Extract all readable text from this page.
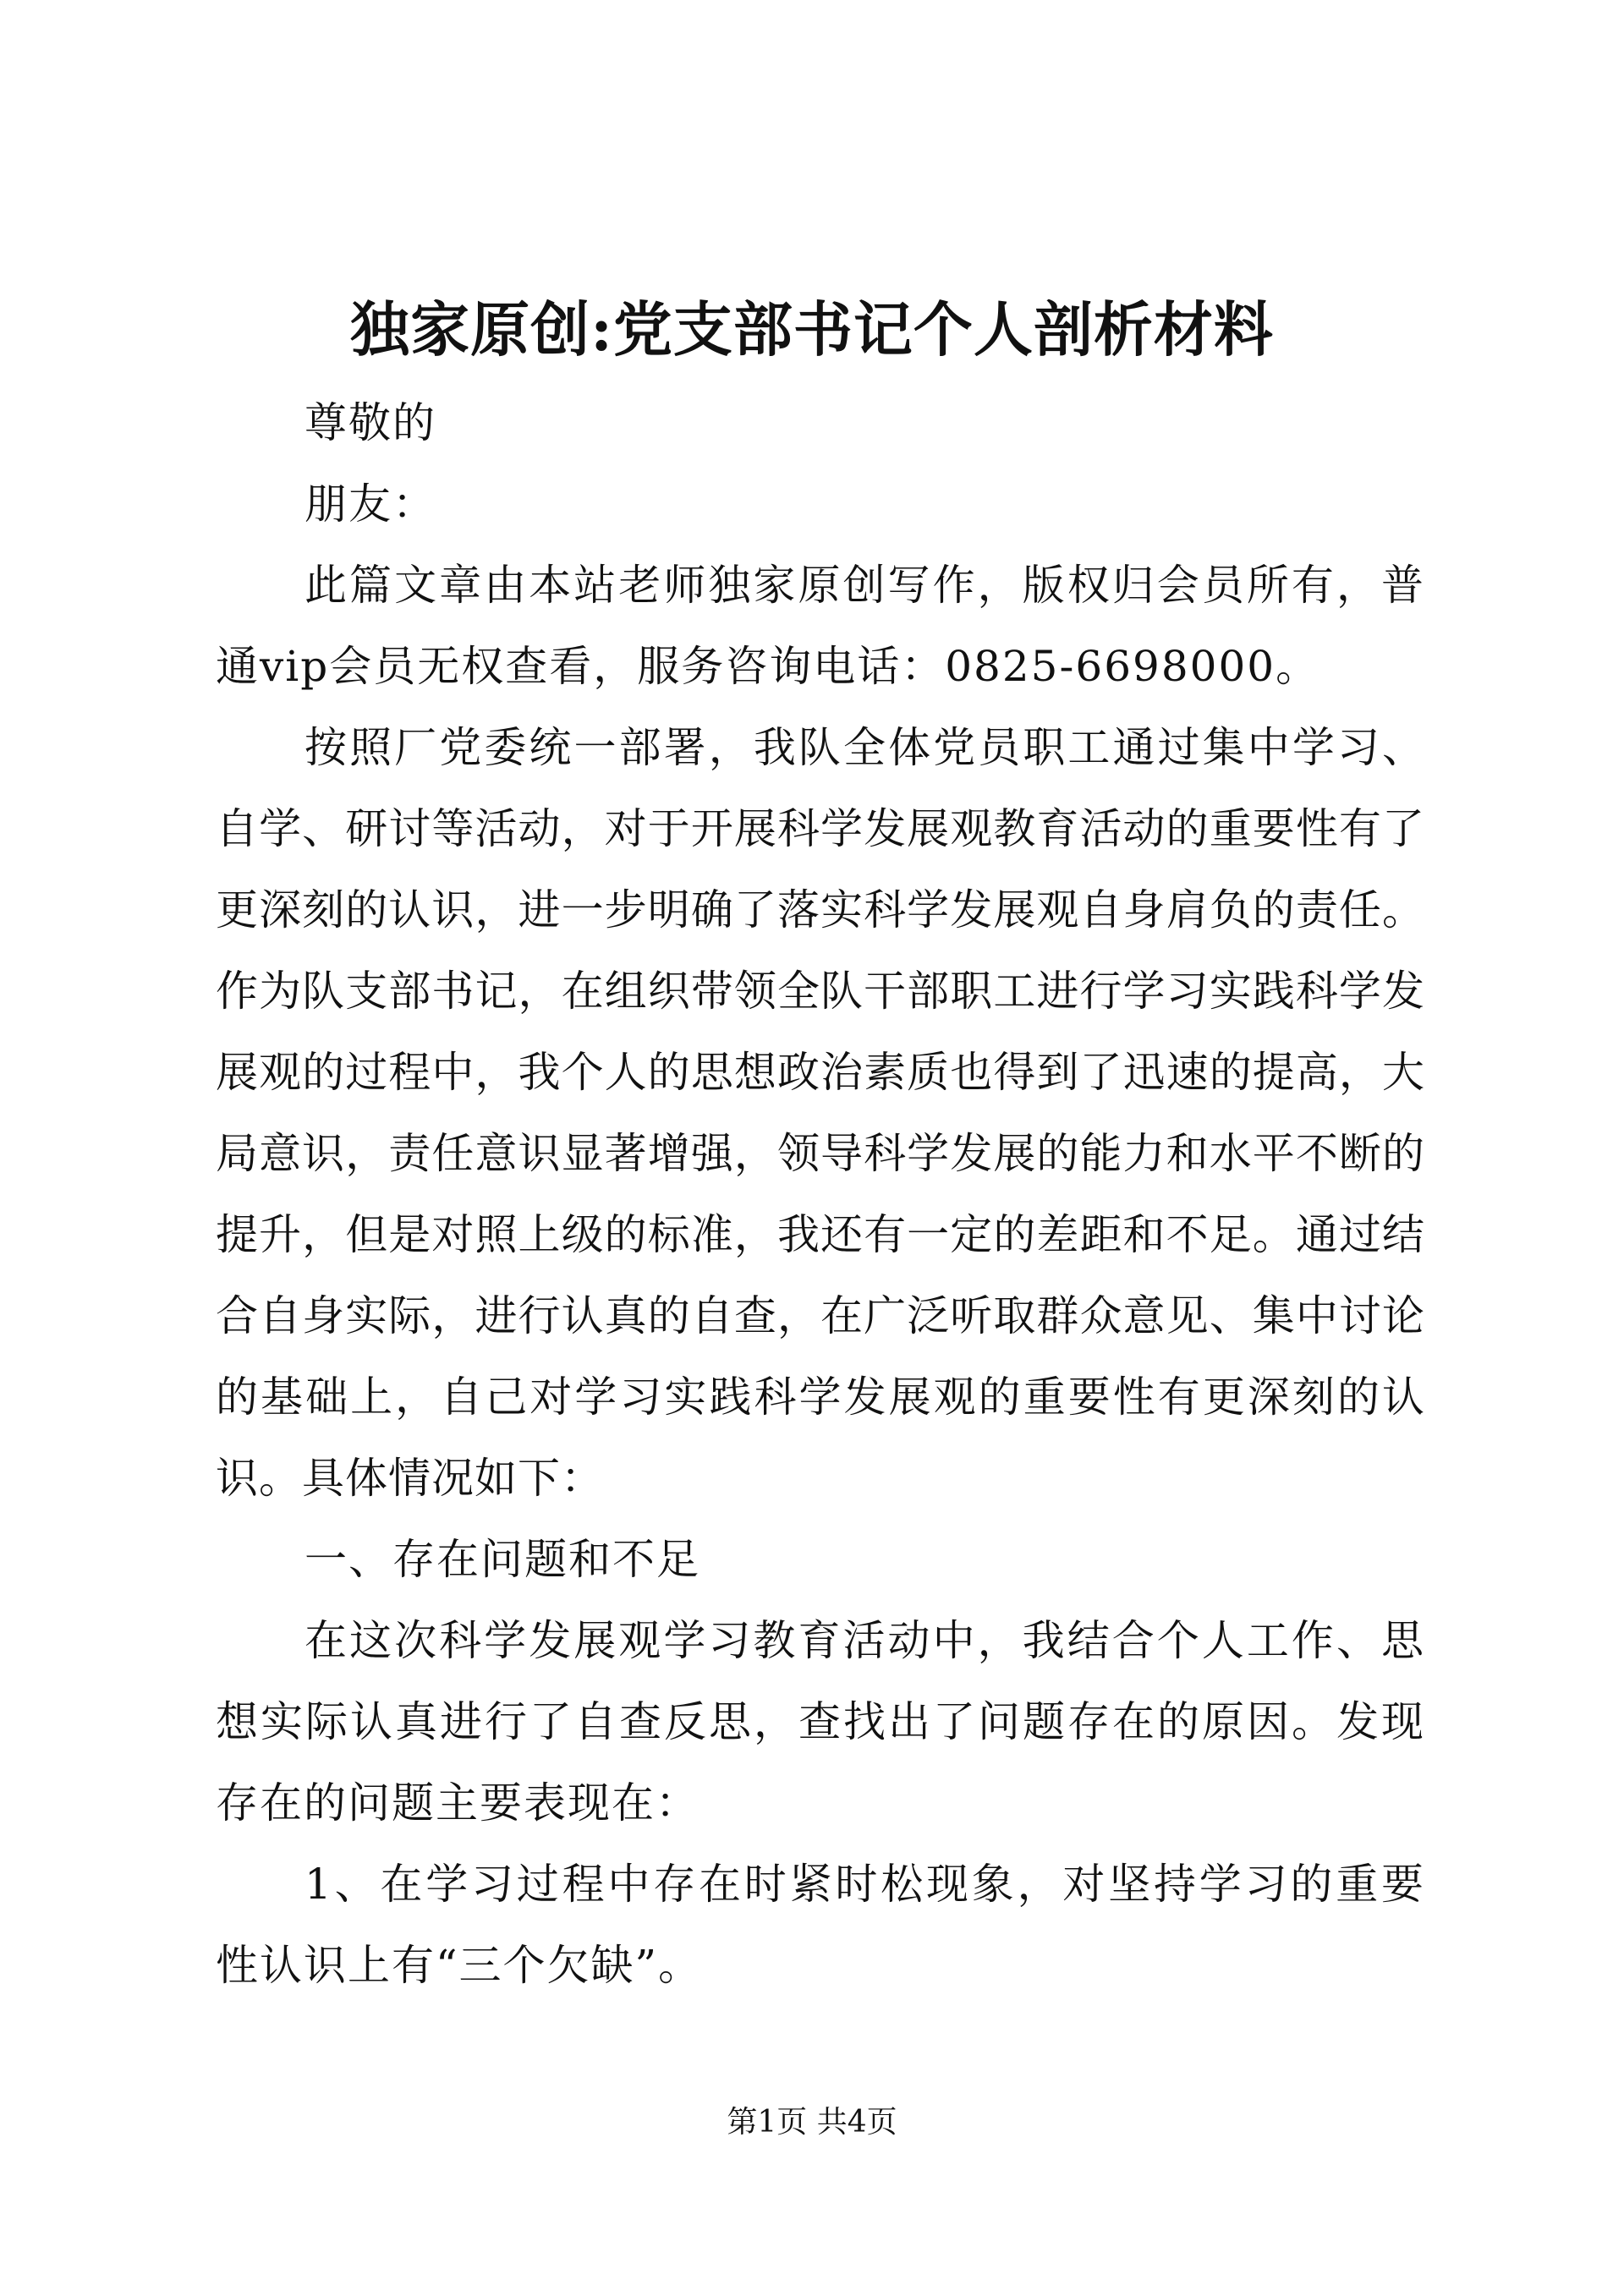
独家原创:党支部书记个人剖析材料

尊敬的

朋友：

此篇文章由本站老师独家原创写作，版权归会员所有，普通vip会员无权查看，服务咨询电话：0825-6698000。

按照厂党委统一部署，我队全体党员职工通过集中学习、自学、研讨等活动，对于开展科学发展观教育活动的重要性有了更深刻的认识，进一步明确了落实科学发展观自身肩负的责任。作为队支部书记，在组织带领全队干部职工进行学习实践科学发展观的过程中，我个人的思想政治素质也得到了迅速的提高，大局意识，责任意识显著增强，领导科学发展的能力和水平不断的提升，但是对照上级的标准，我还有一定的差距和不足。通过结合自身实际，进行认真的自查，在广泛听取群众意见、集中讨论的基础上，自己对学习实践科学发展观的重要性有更深刻的认识。具体情况如下：

一、存在问题和不足

在这次科学发展观学习教育活动中，我结合个人工作、思想实际认真进行了自查反思，查找出了问题存在的原因。发现存在的问题主要表现在：

1、在学习过程中存在时紧时松现象，对坚持学习的重要性认识上有“三个欠缺”。

第1页 共4页
